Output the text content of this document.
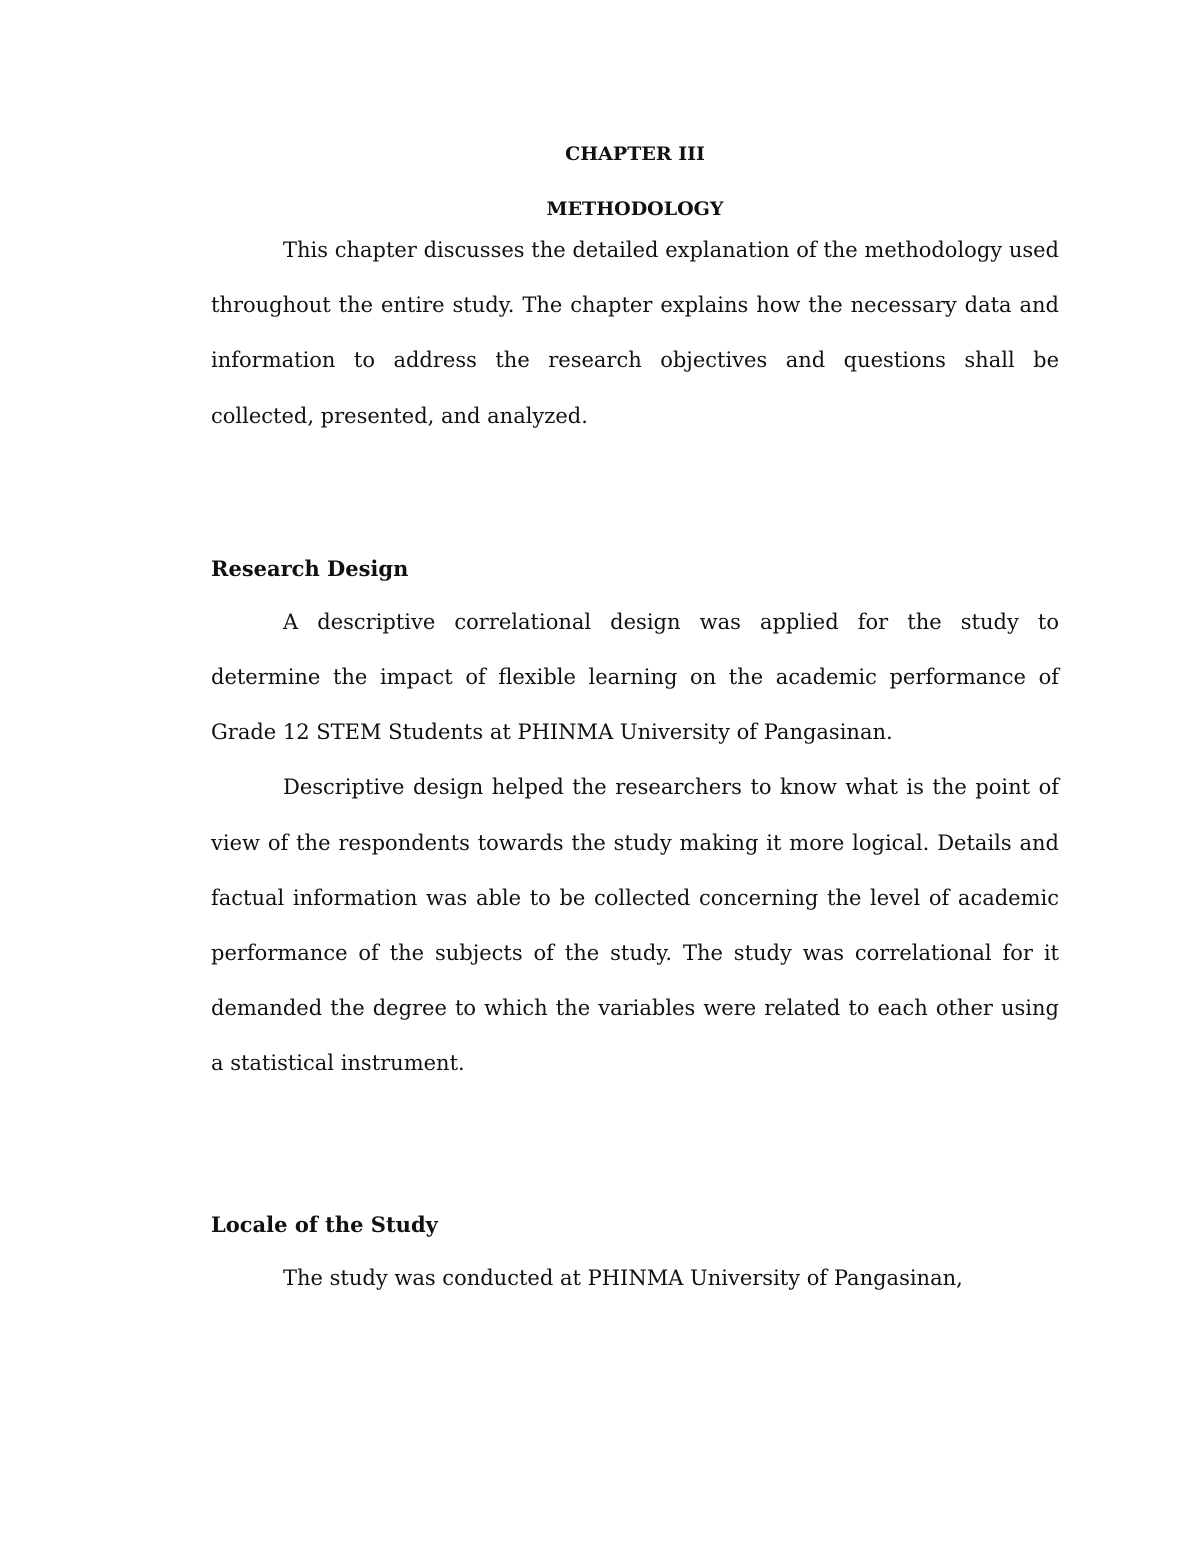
CHAPTER III
METHODOLOGY

This chapter discusses the detailed explanation of the methodology used throughout the entire study. The chapter explains how the necessary data and information to address the research objectives and questions shall be collected, presented, and analyzed.

Research Design

A descriptive correlational design was applied for the study to determine the impact of flexible learning on the academic performance of Grade 12 STEM Students at PHINMA University of Pangasinan.

Descriptive design helped the researchers to know what is the point of view of the respondents towards the study making it more logical. Details and factual information was able to be collected concerning the level of academic performance of the subjects of the study. The study was correlational for it demanded the degree to which the variables were related to each other using a statistical instrument.

Locale of the Study

The study was conducted at PHINMA University of Pangasinan,
